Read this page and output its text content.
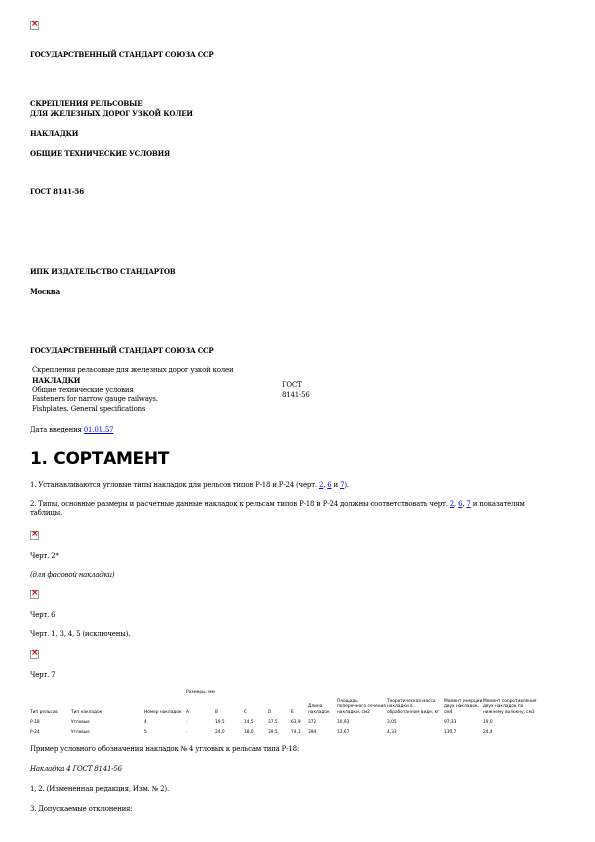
×
ГОСУДАРСТВЕННЫЙ СТАНДАРТ СОЮЗА ССР
СКРЕПЛЕНИЯ РЕЛЬСОВЫЕ
ДЛЯ ЖЕЛЕЗНЫХ ДОРОГ УЗКОЙ КОЛЕИ
НАКЛАДКИ
ОБЩИЕ ТЕХНИЧЕСКИЕ УСЛОВИЯ
ГОСТ 8141-56
ИПК ИЗДАТЕЛЬСТВО СТАНДАРТОВ
Москва
ГОСУДАРСТВЕННЫЙ СТАНДАРТ СОЮЗА ССР
Скрепления рельсовые для железных дорог узкой колеи
НАКЛАДКИ
Общие технические условия
Fasteners for narrow gauge railways.
Fishplates. General specifications
ГОСТ
8141-56
Дата введения 01.01.57
1. СОРТАМЕНТ
1. Устанавливаются угловые типы накладок для рельсов типов Р-18 и Р-24 (черт. 2, 6 и 7).
2. Типы, основные размеры и расчетные данные накладок к рельсам типов Р-18 и Р-24 должны соответствовать черт. 2, 6, 7 и показателям
таблицы.
×
Черт. 2*
(для фасовой накладки)
×
Черт. 6
Черт. 1, 3, 4, 5 (исключены).
×
Черт. 7
Тип рельсов	Тип накладок	Номер накладок	Размеры, мм					Длина накладок	Площадь поперечного сечения накладки, см2	Теоретическая масса накладки в обработанном виде, кг	Момент инерции двух накладок, см4	Момент сопротивления двух накладок по нижнему волокну, см3
			A	B	C	D	E					
Р-18	Угловые	4	-	19,5	14,5	37,5	63,9	372	10,93	3,05	97,33	19,0
Р-24	Угловые	5	-	24,0	18,0	39,5	74,1	394	13,67	4,33	130,7	24,4
Пример условного обозначения накладок № 4 угловых к рельсам типа Р-18:
Накладка 4 ГОСТ 8141-56
1, 2. (Измененная редакция, Изм. № 2).
3. Допускаемые отклонения:
